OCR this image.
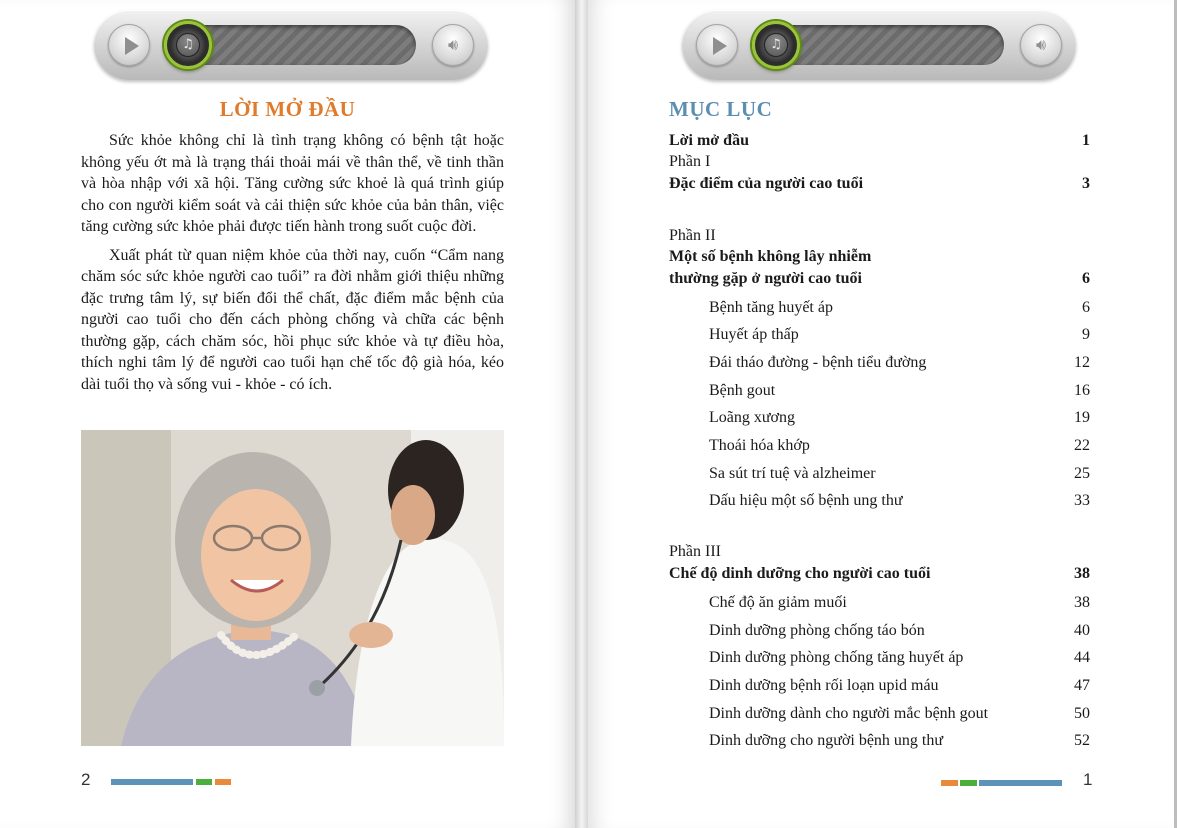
♫	🔊︎	♫	🔊︎
LỜI MỞ ĐẦU

Sức khỏe không chỉ là tình trạng không có bệnh tật hoặc không yếu ớt mà là trạng thái thoải mái về thân thể, về tinh thần và hòa nhập với xã hội. Tăng cường sức khoẻ là quá trình giúp cho con người kiểm soát và cải thiện sức khỏe của bản thân, việc tăng cường sức khỏe phải được tiến hành trong suốt cuộc đời.

Xuất phát từ quan niệm khỏe của thời nay, cuốn “Cẩm nang chăm sóc sức khỏe người cao tuổi” ra đời nhằm giới thiệu những đặc trưng tâm lý, sự biến đổi thể chất, đặc điểm mắc bệnh của người cao tuổi cho đến cách phòng chống và chữa các bệnh thường gặp, cách chăm sóc, hồi phục sức khỏe và tự điều hòa, thích nghi tâm lý để người cao tuổi hạn chế tốc độ già hóa, kéo dài tuổi thọ và sống vui - khỏe - có ích.

2
MỤC LỤC
Lời mở đầu	1
Phần I
Đặc điểm của người cao tuổi	3
Phần II
Một số bệnh không lây nhiễm
thường gặp ở người cao tuổi	6
Bệnh tăng huyết áp	6
Huyết áp thấp	9
Đái tháo đường - bệnh tiểu đường	12
Bệnh gout	16
Loãng xương	19
Thoái hóa khớp	22
Sa sút trí tuệ và alzheimer	25
Dấu hiệu một số bệnh ung thư	33
Phần III
Chế độ dinh dưỡng cho người cao tuổi	38
Chế độ ăn giảm muối	38
Dinh dưỡng phòng chống táo bón	40
Dinh dưỡng phòng chống tăng huyết áp	44
Dinh dưỡng bệnh rối loạn upid máu	47
Dinh dưỡng dành cho người mắc bệnh gout	50
Dinh dưỡng cho người bệnh ung thư	52
1
